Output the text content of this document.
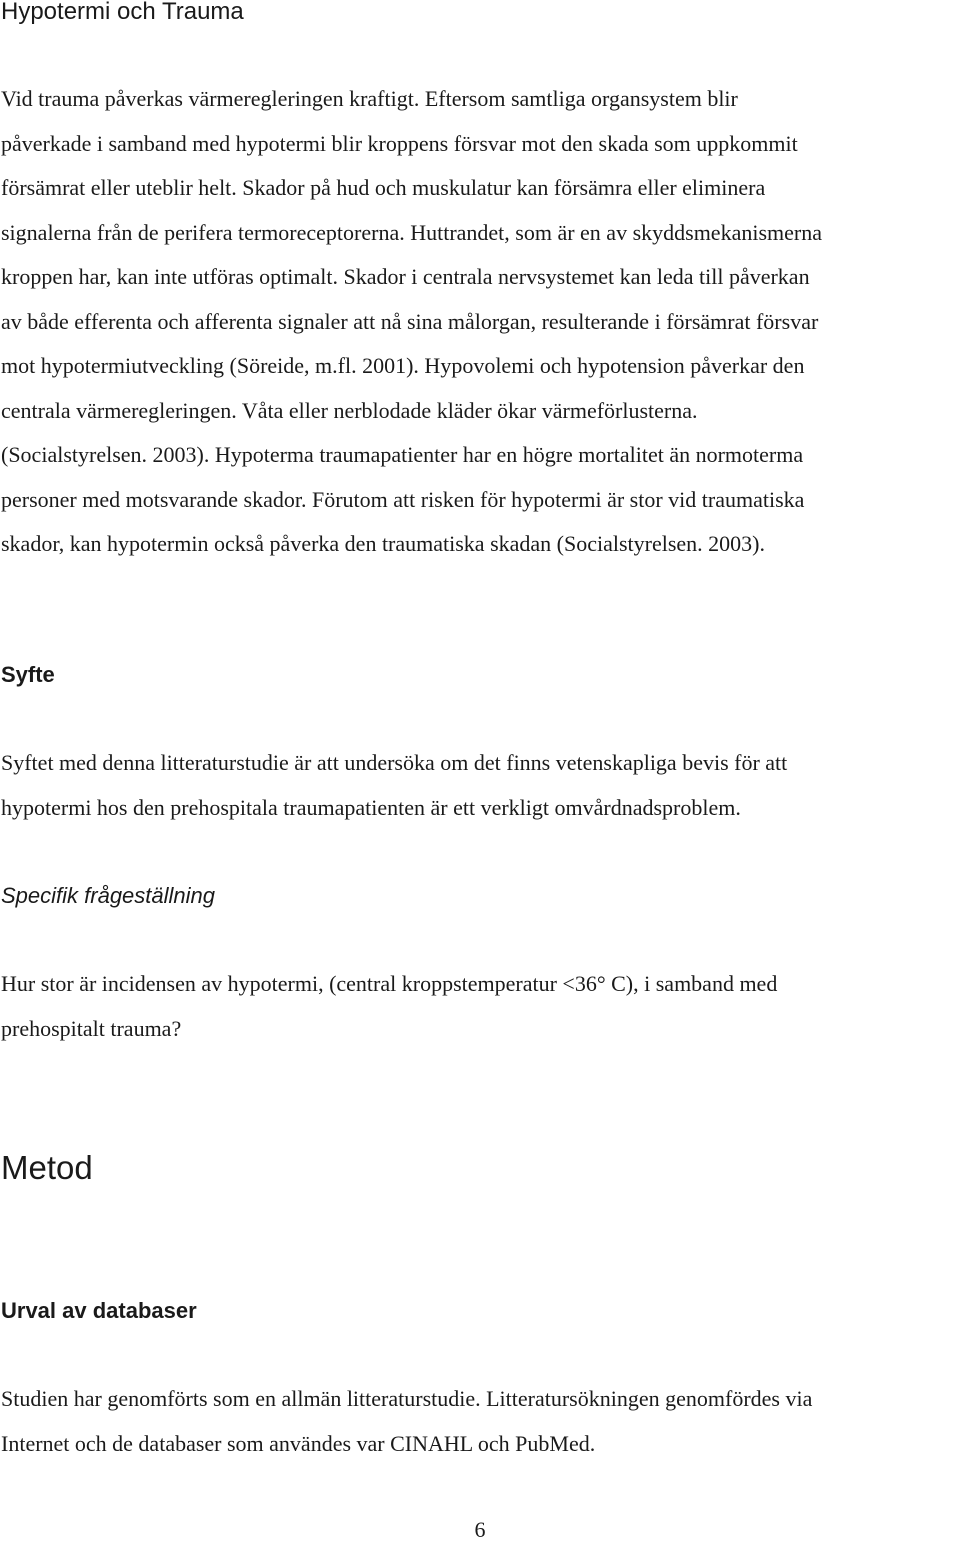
Hypotermi och Trauma

Vid trauma påverkas värmeregleringen kraftigt. Eftersom samtliga organsystem blir
påverkade i samband med hypotermi blir kroppens försvar mot den skada som uppkommit
försämrat eller uteblir helt. Skador på hud och muskulatur kan försämra eller eliminera
signalerna från de perifera termoreceptorerna. Huttrandet, som är en av skyddsmekanismerna
kroppen har, kan inte utföras optimalt. Skador i centrala nervsystemet kan leda till påverkan
av både efferenta och afferenta signaler att nå sina målorgan, resulterande i försämrat försvar
mot hypotermiutveckling (Söreide, m.fl. 2001). Hypovolemi och hypotension påverkar den
centrala värmeregleringen. Våta eller nerblodade kläder ökar värmeförlusterna.
(Socialstyrelsen. 2003). Hypoterma traumapatienter har en högre mortalitet än normoterma
personer med motsvarande skador. Förutom att risken för hypotermi är stor vid traumatiska
skador, kan hypotermin också påverka den traumatiska skadan (Socialstyrelsen. 2003).

Syfte

Syftet med denna litteraturstudie är att undersöka om det finns vetenskapliga bevis för att
hypotermi hos den prehospitala traumapatienten är ett verkligt omvårdnadsproblem.

Specifik frågeställning

Hur stor är incidensen av hypotermi, (central kroppstemperatur <36° C), i samband med
prehospitalt trauma?

Metod
Urval av databaser

Studien har genomförts som en allmän litteraturstudie. Litteratursökningen genomfördes via
Internet och de databaser som användes var CINAHL och PubMed.

6
